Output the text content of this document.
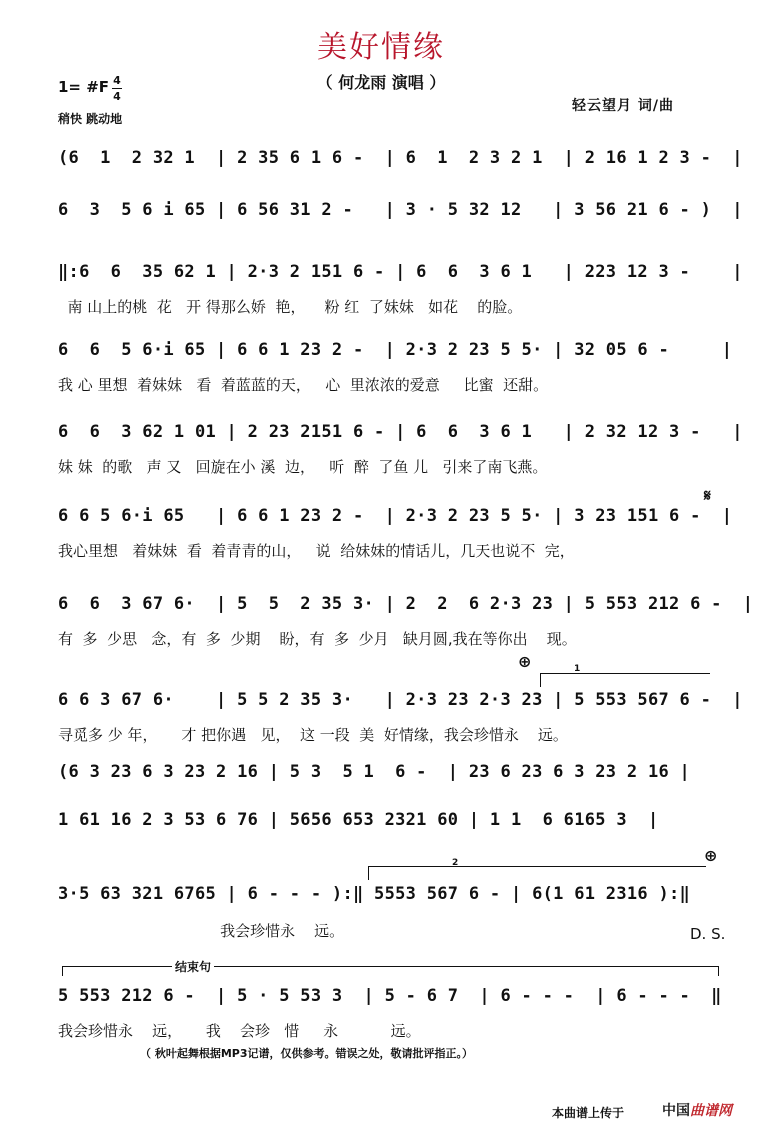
美好情缘
（ 何龙雨 演唱 ）
1= #F 4
4
稍快 跳动地
轻云望月 词/曲
(6  1  2 32 1  | 2 35 6 1 6 -  | 6  1  2 3 2 1  | 2 16 1 2 3 -  |
6  3  5 6 i 65 | 6 56 31 2 -   | 3 · 5 32 12   | 3 56 21 6 - )  |
‖:6  6  35 62 1 | 2·3 2 151 6 - | 6  6  3 6 1   | 223 12 3 -    |
南 山上的桃  花   开 得那么娇  艳，    粉 红  了妹妹   如花    的脸。
6  6  5 6·i 65 | 6 6 1 23 2 -  | 2·3 2 23 5 5· | 32 05 6 -     |
我 心 里想  着妹妹   看  着蓝蓝的天，   心  里浓浓的爱意     比蜜  还甜。
6  6  3 62 1 01 | 2 23 2151 6 - | 6  6  3 6 1   | 2 32 12 3 -   |
妹 妹  的歌   声 又   回旋在小 溪  边，   听  醉  了鱼 儿   引来了南飞燕。
6 6 5 6·i 65   | 6 6 1 23 2 -  | 2·3 2 23 5 5· | 3 23 151 6 -  |
我心里想   着妹妹  看  着青青的山，   说  给妹妹的情话儿，几天也说不  完，
𝄋
6  6  3 67 6·  | 5  5  2 35 3· | 2  2  6 2·3 23 | 5 553 212 6 -  |
有  多  少思   念，有  多  少期    盼，有  多  少月   缺月圆,我在等你出    现。
⊕	1
6 6 3 67 6·    | 5 5 2 35 3·   | 2·3 23 2·3 23 | 5 553 567 6 -  |
寻觅多 少 年，     才 把你遇   见，  这 一段  美  好情缘，我会珍惜永    远。
(6 3 23 6 3 23 2 16 | 5 3  5 1  6 -  | 23 6 23 6 3 23 2 16 |
1 61 16 2 3 53 6 76 | 5656 653 2321 60 | 1 1  6 6165 3  |
2	⊕
3·5 63 321 6765 | 6 - - - ):‖ 5553 567 6 - | 6(1 61 2316 ):‖
我会珍惜永    远。	D. S.
结束句
5 553 212 6 -  | 5 · 5 53 3  | 5 - 6 7  | 6 - - -  | 6 - - -  ‖
我会珍惜永    远，     我    会珍   惜     永           远。
（ 秋叶起舞根据MP3记谱，仅供参考。错误之处，敬请批评指正。）
本曲谱上传于	中国曲谱网
